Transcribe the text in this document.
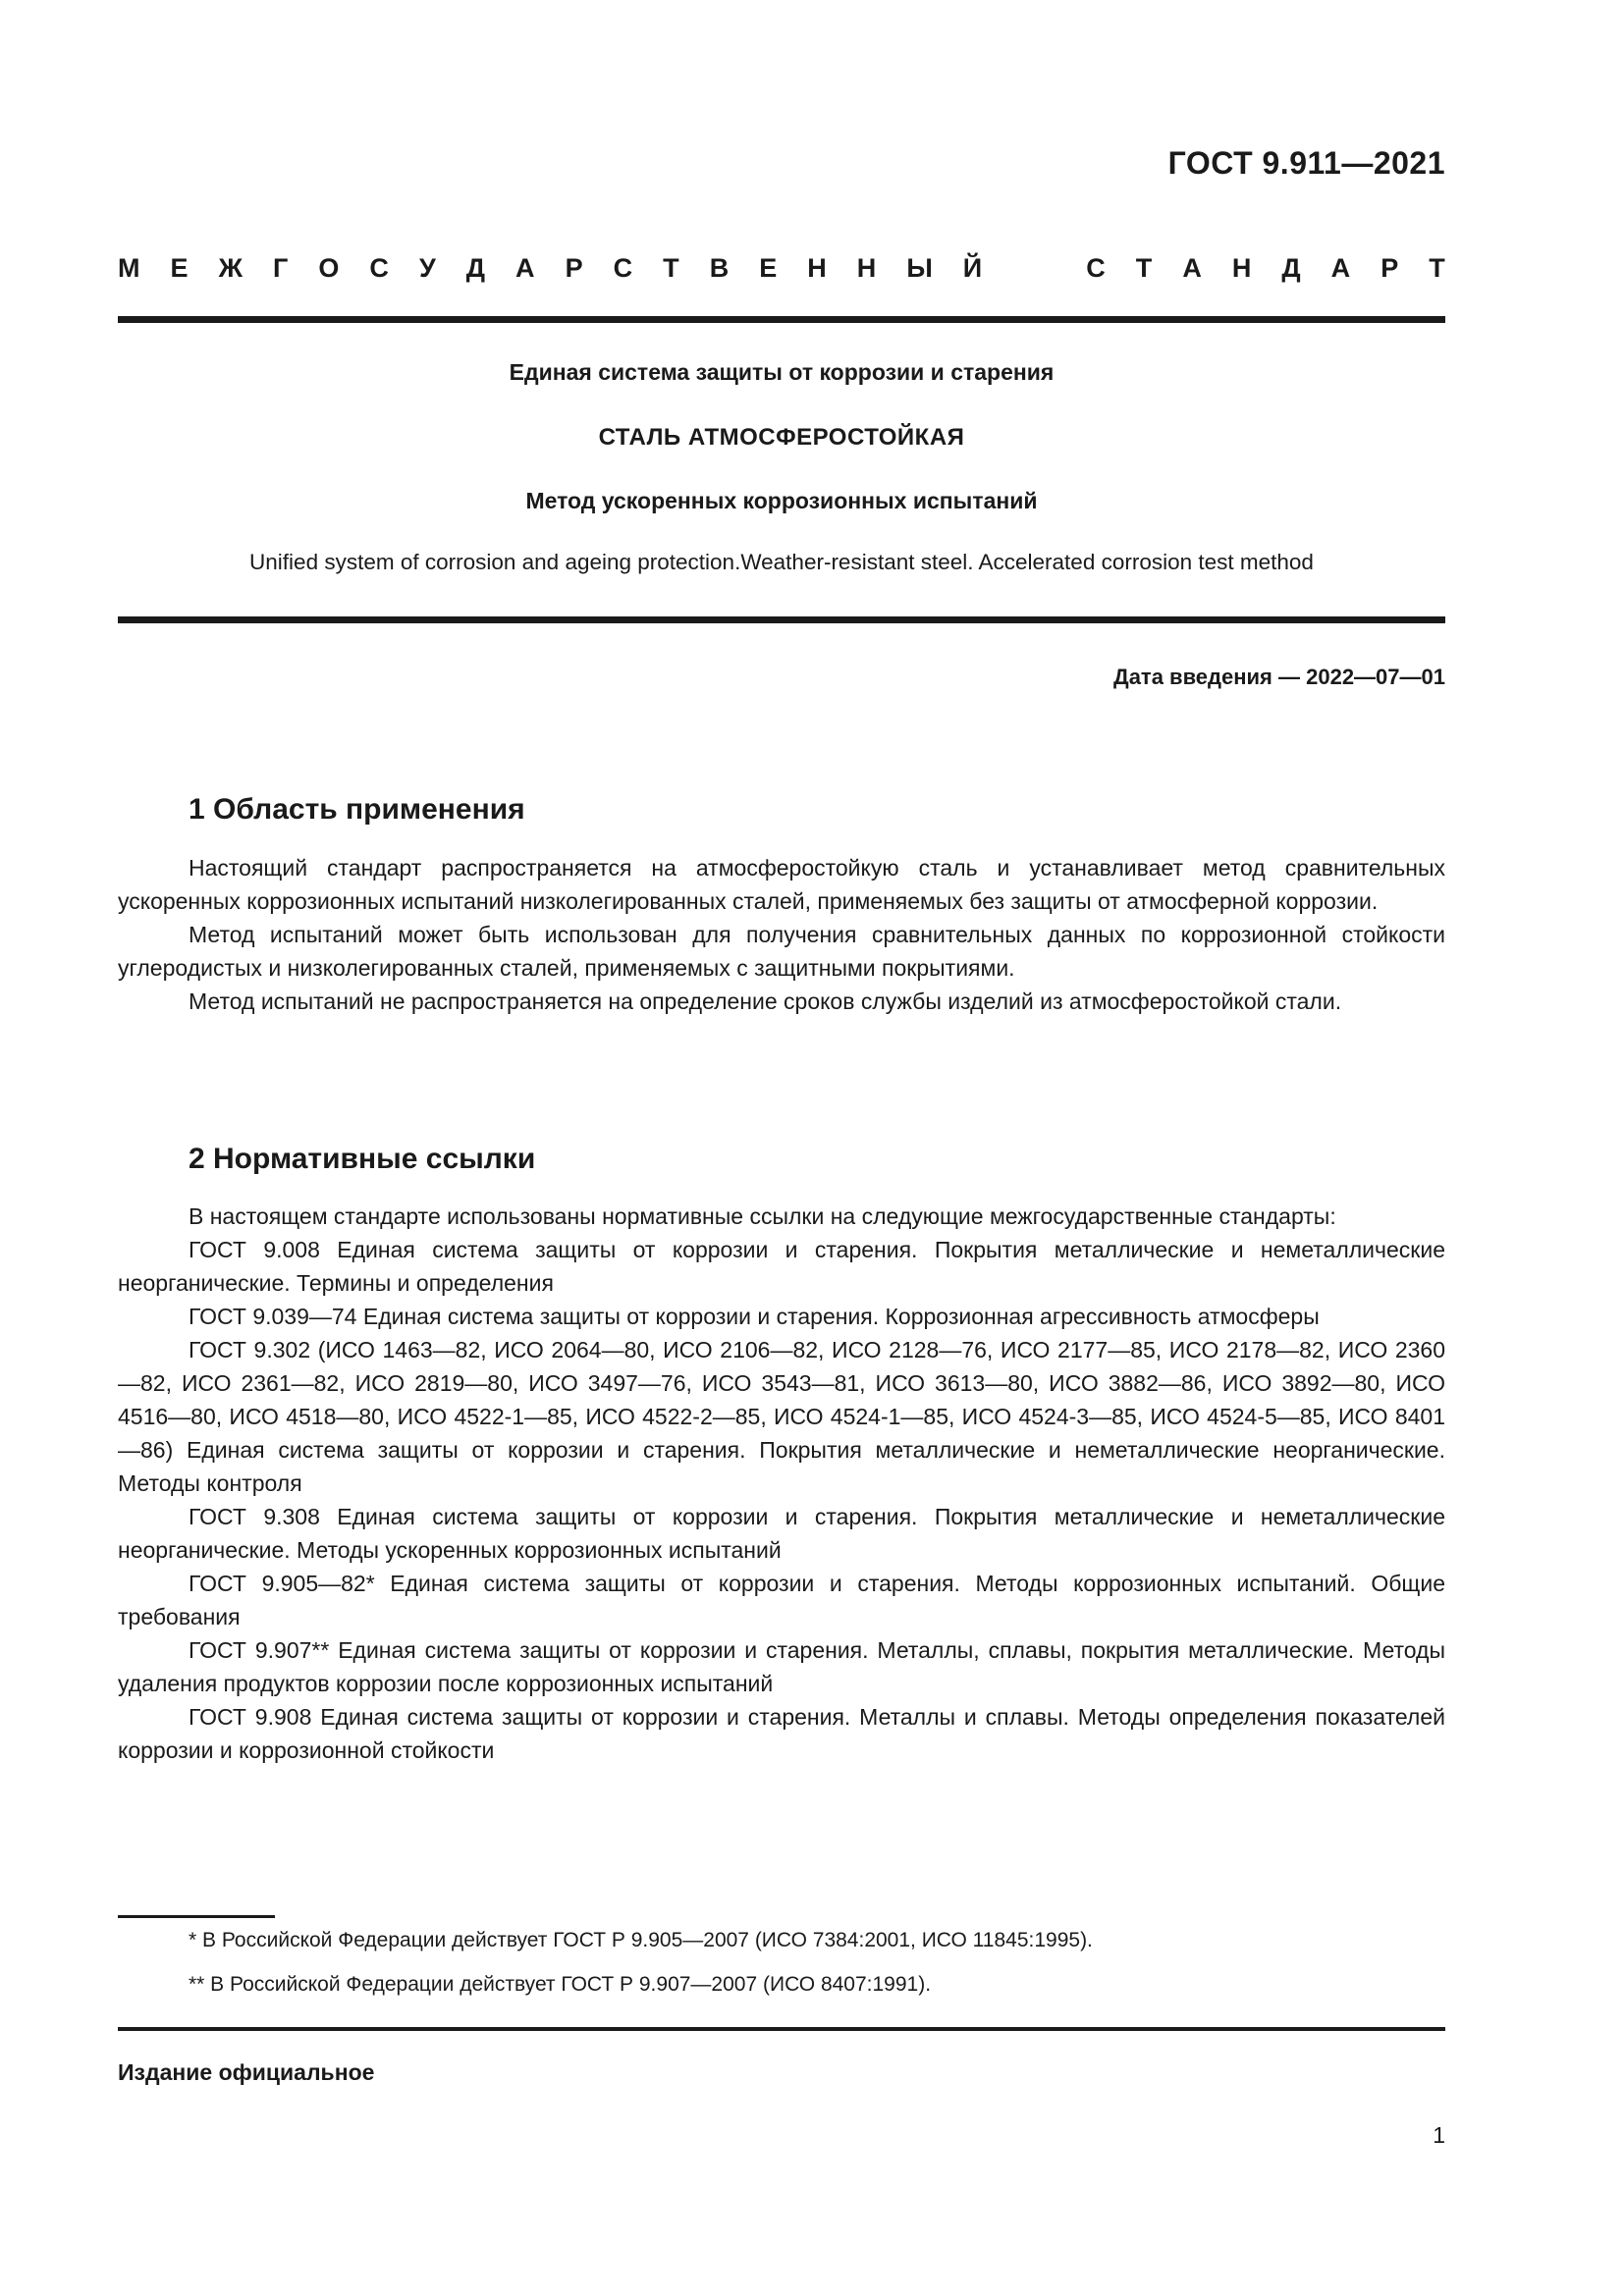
ГОСТ 9.911—2021
М Е Ж Г О С У Д А Р С Т В Е Н Н Ы Й	С Т А Н Д А Р Т
Единая система защиты от коррозии и старения
СТАЛЬ АТМОСФЕРОСТОЙКАЯ
Метод ускоренных коррозионных испытаний
Unified system of corrosion and ageing protection.Weather-resistant steel. Accelerated corrosion test method
Дата введения — 2022—07—01
1 Область применения

Настоящий стандарт распространяется на атмосферостойкую сталь и устанавливает метод сравнительных ускоренных коррозионных испытаний низколегированных сталей, применяемых без защиты от атмосферной коррозии.

Метод испытаний может быть использован для получения сравнительных данных по коррозионной стойкости углеродистых и низколегированных сталей, применяемых с защитными покрытиями.

Метод испытаний не распространяется на определение сроков службы изделий из атмосферостойкой стали.

2 Нормативные ссылки

В настоящем стандарте использованы нормативные ссылки на следующие межгосударственные стандарты:

ГОСТ 9.008 Единая система защиты от коррозии и старения. Покрытия металлические и неметаллические неорганические. Термины и определения

ГОСТ 9.039—74 Единая система защиты от коррозии и старения. Коррозионная агрессивность атмосферы

ГОСТ 9.302 (ИСО 1463—82, ИСО 2064—80, ИСО 2106—82, ИСО 2128—76, ИСО 2177—85, ИСО 2178—82, ИСО 2360—82, ИСО 2361—82, ИСО 2819—80, ИСО 3497—76, ИСО 3543—81, ИСО 3613—80, ИСО 3882—86, ИСО 3892—80, ИСО 4516—80, ИСО 4518—80, ИСО 4522-1—85, ИСО 4522-2—85, ИСО 4524-1—85, ИСО 4524-3—85, ИСО 4524-5—85, ИСО 8401—86) Единая система защиты от коррозии и старения. Покрытия металлические и неметаллические неорганические. Методы контроля

ГОСТ 9.308 Единая система защиты от коррозии и старения. Покрытия металлические и неметаллические неорганические. Методы ускоренных коррозионных испытаний

ГОСТ 9.905—82* Единая система защиты от коррозии и старения. Методы коррозионных испытаний. Общие требования

ГОСТ 9.907** Единая система защиты от коррозии и старения. Металлы, сплавы, покрытия металлические. Методы удаления продуктов коррозии после коррозионных испытаний

ГОСТ 9.908 Единая система защиты от коррозии и старения. Металлы и сплавы. Методы определения показателей коррозии и коррозионной стойкости

* В Российской Федерации действует ГОСТ Р 9.905—2007 (ИСО 7384:2001, ИСО 11845:1995).
** В Российской Федерации действует ГОСТ Р 9.907—2007 (ИСО 8407:1991).
Издание официальное
1
